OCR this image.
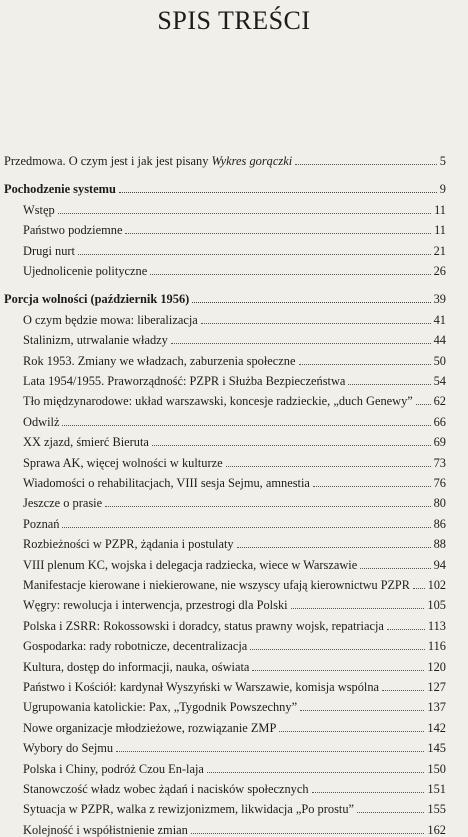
SPIS TREŚCI
Przedmowa. O czym jest i jak jest pisany Wykres gorączki	5
Pochodzenie systemu	9
Wstęp	11
Państwo podziemne	11
Drugi nurt	21
Ujednolicenie polityczne	26
Porcja wolności (październik 1956)	39
O czym będzie mowa: liberalizacja	41
Stalinizm, utrwalanie władzy	44
Rok 1953. Zmiany we władzach, zaburzenia społeczne	50
Lata 1954/1955. Praworządność: PZPR i Służba Bezpieczeństwa	54
Tło międzynarodowe: układ warszawski, koncesje radzieckie, „duch Genewy” 62
Odwilż	66
XX zjazd, śmierć Bieruta	69
Sprawa AK, więcej wolności w kulturze	73
Wiadomości o rehabilitacjach, VIII sesja Sejmu, amnestia	76
Jeszcze o prasie	80
Poznań	86
Rozbieżności w PZPR, żądania i postulaty	88
VIII plenum KC, wojska i delegacja radziecka, wiece w Warszawie	94
Manifestacje kierowane i niekierowane, nie wszyscy ufają kierownictwu PZPR 102
Węgry: rewolucja i interwencja, przestrogi dla Polski	105
Polska i ZSRR: Rokossowski i doradcy, status prawny wojsk, repatriacja	113
Gospodarka: rady robotnicze, decentralizacja	116
Kultura, dostęp do informacji, nauka, oświata	120
Państwo i Kościół: kardynał Wyszyński w Warszawie, komisja wspólna	127
Ugrupowania katolickie: Pax, „Tygodnik Powszechny”	137
Nowe organizacje młodzieżowe, rozwiązanie ZMP	142
Wybory do Sejmu	145
Polska i Chiny, podróż Czou En-laja	150
Stanowczość władz wobec żądań i nacisków społecznych	151
Sytuacja w PZPR, walka z rewizjonizmem, likwidacja „Po prostu”	155
Kolejność i współistnienie zmian	162
